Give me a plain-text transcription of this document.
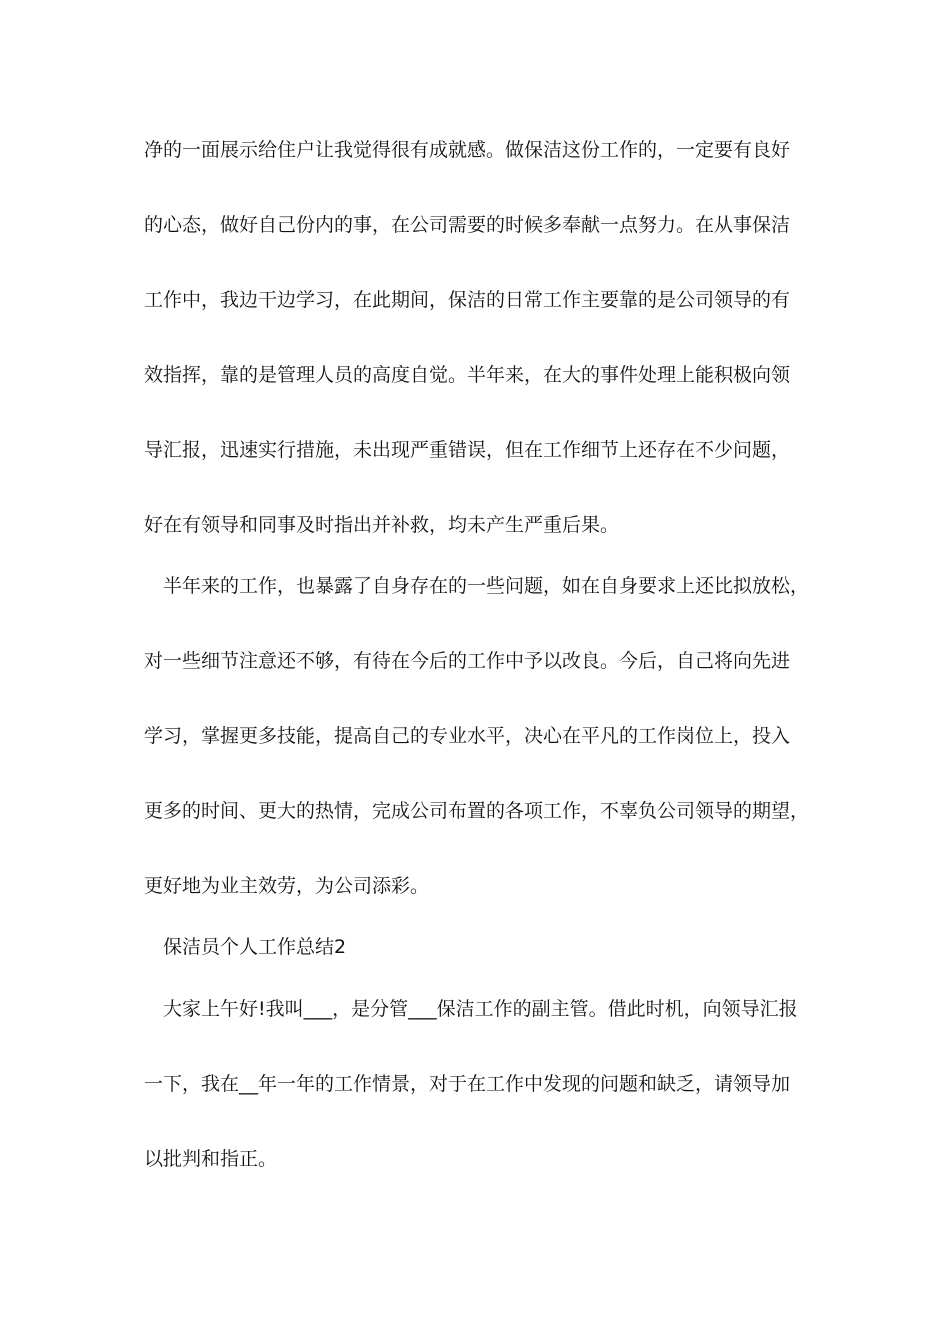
净的一面展示给住户让我觉得很有成就感。做保洁这份工作的，一定要有良好
的心态，做好自己份内的事，在公司需要的时候多奉献一点努力。在从事保洁
工作中，我边干边学习，在此期间，保洁的日常工作主要靠的是公司领导的有
效指挥，靠的是管理人员的高度自觉。半年来，在大的事件处理上能积极向领
导汇报，迅速实行措施，未出现严重错误，但在工作细节上还存在不少问题，
好在有领导和同事及时指出并补救，均未产生严重后果。
半年来的工作，也暴露了自身存在的一些问题，如在自身要求上还比拟放松，
对一些细节注意还不够，有待在今后的工作中予以改良。今后，自己将向先进
学习，掌握更多技能，提高自己的专业水平，决心在平凡的工作岗位上，投入
更多的时间、更大的热情，完成公司布置的各项工作，不辜负公司领导的期望，
更好地为业主效劳，为公司添彩。
保洁员个人工作总结2
大家上午好!我叫___，是分管___保洁工作的副主管。借此时机，向领导汇报
一下，我在__年一年的工作情景，对于在工作中发现的问题和缺乏，请领导加
以批判和指正。
